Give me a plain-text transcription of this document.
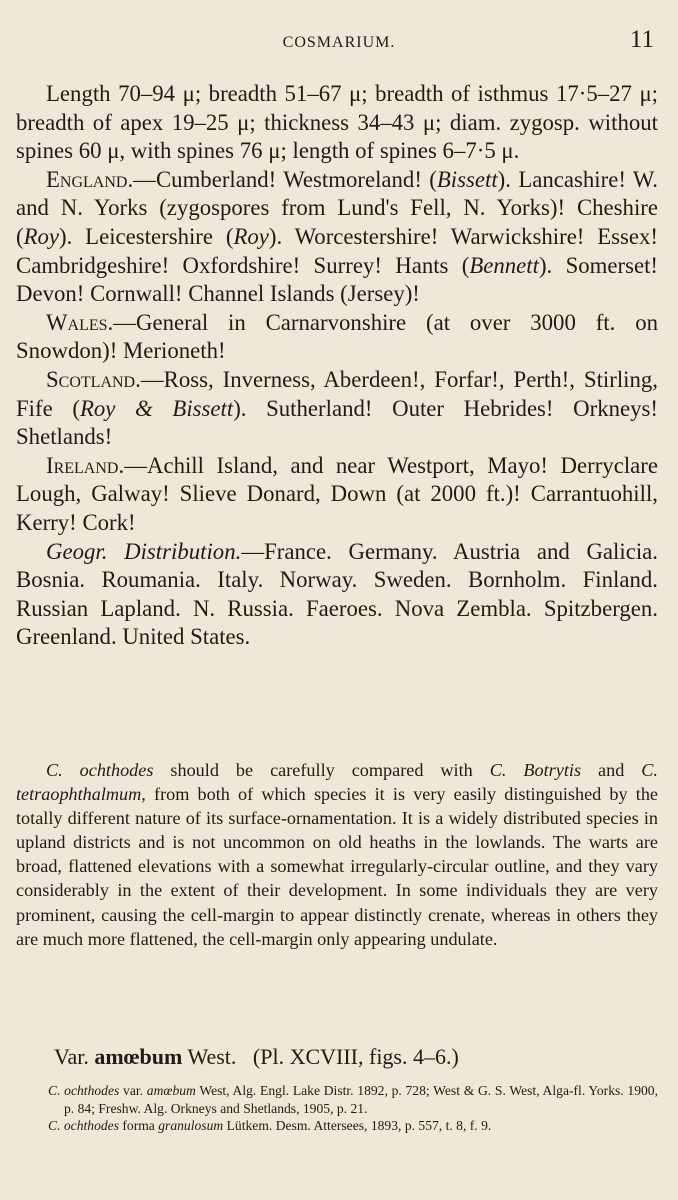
COSMARIUM.	11

Length 70–94 μ; breadth 51–67 μ; breadth of isthmus 17·5–27 μ; breadth of apex 19–25 μ; thickness 34–43 μ; diam. zygosp. without spines 60 μ, with spines 76 μ; length of spines 6–7·5 μ.

England.—Cumberland! Westmoreland! (Bissett). Lancashire! W. and N. Yorks (zygospores from Lund's Fell, N. Yorks)! Cheshire (Roy). Leicestershire (Roy). Worcestershire! Warwickshire! Essex! Cambridgeshire! Oxfordshire! Surrey! Hants (Bennett). Somerset! Devon! Cornwall! Channel Islands (Jersey)!

Wales.—General in Carnarvonshire (at over 3000 ft. on Snowdon)! Merioneth!

Scotland.—Ross, Inverness, Aberdeen!, Forfar!, Perth!, Stirling, Fife (Roy & Bissett). Sutherland! Outer Hebrides! Orkneys! Shetlands!

Ireland.—Achill Island, and near Westport, Mayo! Derryclare Lough, Galway! Slieve Donard, Down (at 2000 ft.)! Carrantuohill, Kerry! Cork!

Geogr. Distribution.—France. Germany. Austria and Galicia. Bosnia. Roumania. Italy. Norway. Sweden. Bornholm. Finland. Russian Lapland. N. Russia. Faeroes. Nova Zembla. Spitzbergen. Greenland. United States.

C. ochthodes should be carefully compared with C. Botrytis and C. tetraophthalmum, from both of which species it is very easily distinguished by the totally different nature of its surface-ornamentation. It is a widely distributed species in upland districts and is not uncommon on old heaths in the lowlands. The warts are broad, flattened elevations with a somewhat irregularly-circular outline, and they vary considerably in the extent of their development. In some individuals they are very prominent, causing the cell-margin to appear distinctly crenate, whereas in others they are much more flattened, the cell-margin only appearing undulate.

Var. amœbum West. (Pl. XCVIII, figs. 4–6.)

C. ochthodes var. amœbum West, Alg. Engl. Lake Distr. 1892, p. 728; West & G. S. West, Alga-fl. Yorks. 1900, p. 84; Freshw. Alg. Orkneys and Shetlands, 1905, p. 21.

C. ochthodes forma granulosum Lütkem. Desm. Attersees, 1893, p. 557, t. 8, f. 9.
